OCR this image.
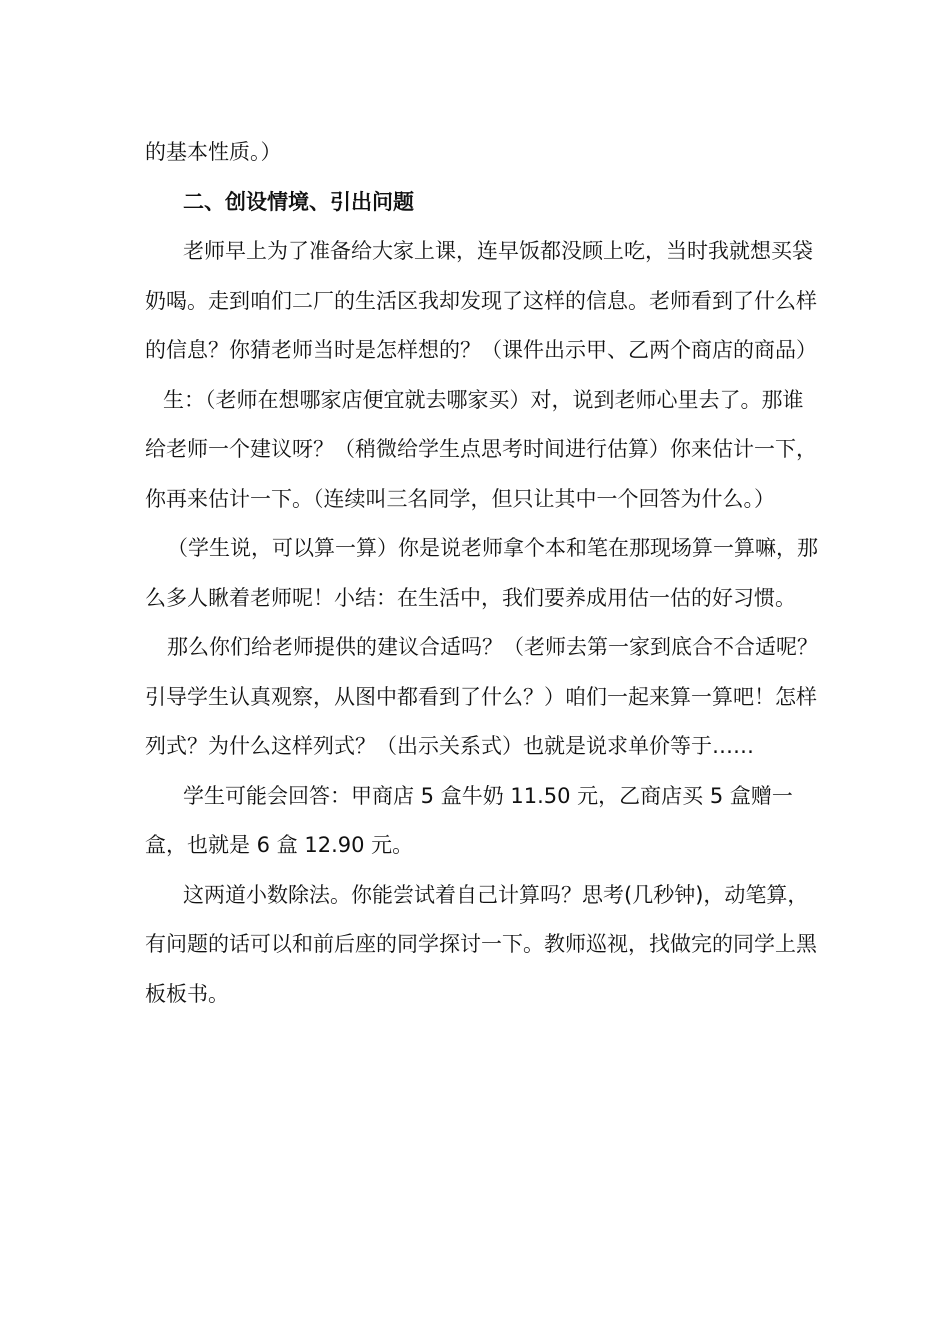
的基本性质。）

二、创设情境、引出问题

老师早上为了准备给大家上课，连早饭都没顾上吃，当时我就想买袋奶喝。走到咱们二厂的生活区我却发现了这样的信息。老师看到了什么样的信息？你猜老师当时是怎样想的？（课件出示甲、乙两个商店的商品）

生：（老师在想哪家店便宜就去哪家买）对，说到老师心里去了。那谁给老师一个建议呀？（稍微给学生点思考时间进行估算）你来估计一下，你再来估计一下。（连续叫三名同学，但只让其中一个回答为什么。）

（学生说，可以算一算）你是说老师拿个本和笔在那现场算一算嘛，那么多人瞅着老师呢！小结：在生活中，我们要养成用估一估的好习惯。

那么你们给老师提供的建议合适吗？（老师去第一家到底合不合适呢？引导学生认真观察，从图中都看到了什么？）咱们一起来算一算吧！怎样列式？为什么这样列式？（出示关系式）也就是说求单价等于……

学生可能会回答：甲商店 5 盒牛奶 11.50 元，乙商店买 5 盒赠一盒，也就是 6 盒 12.90 元。

这两道小数除法。你能尝试着自己计算吗？思考(几秒钟)，动笔算，有问题的话可以和前后座的同学探讨一下。教师巡视，找做完的同学上黑板板书。
